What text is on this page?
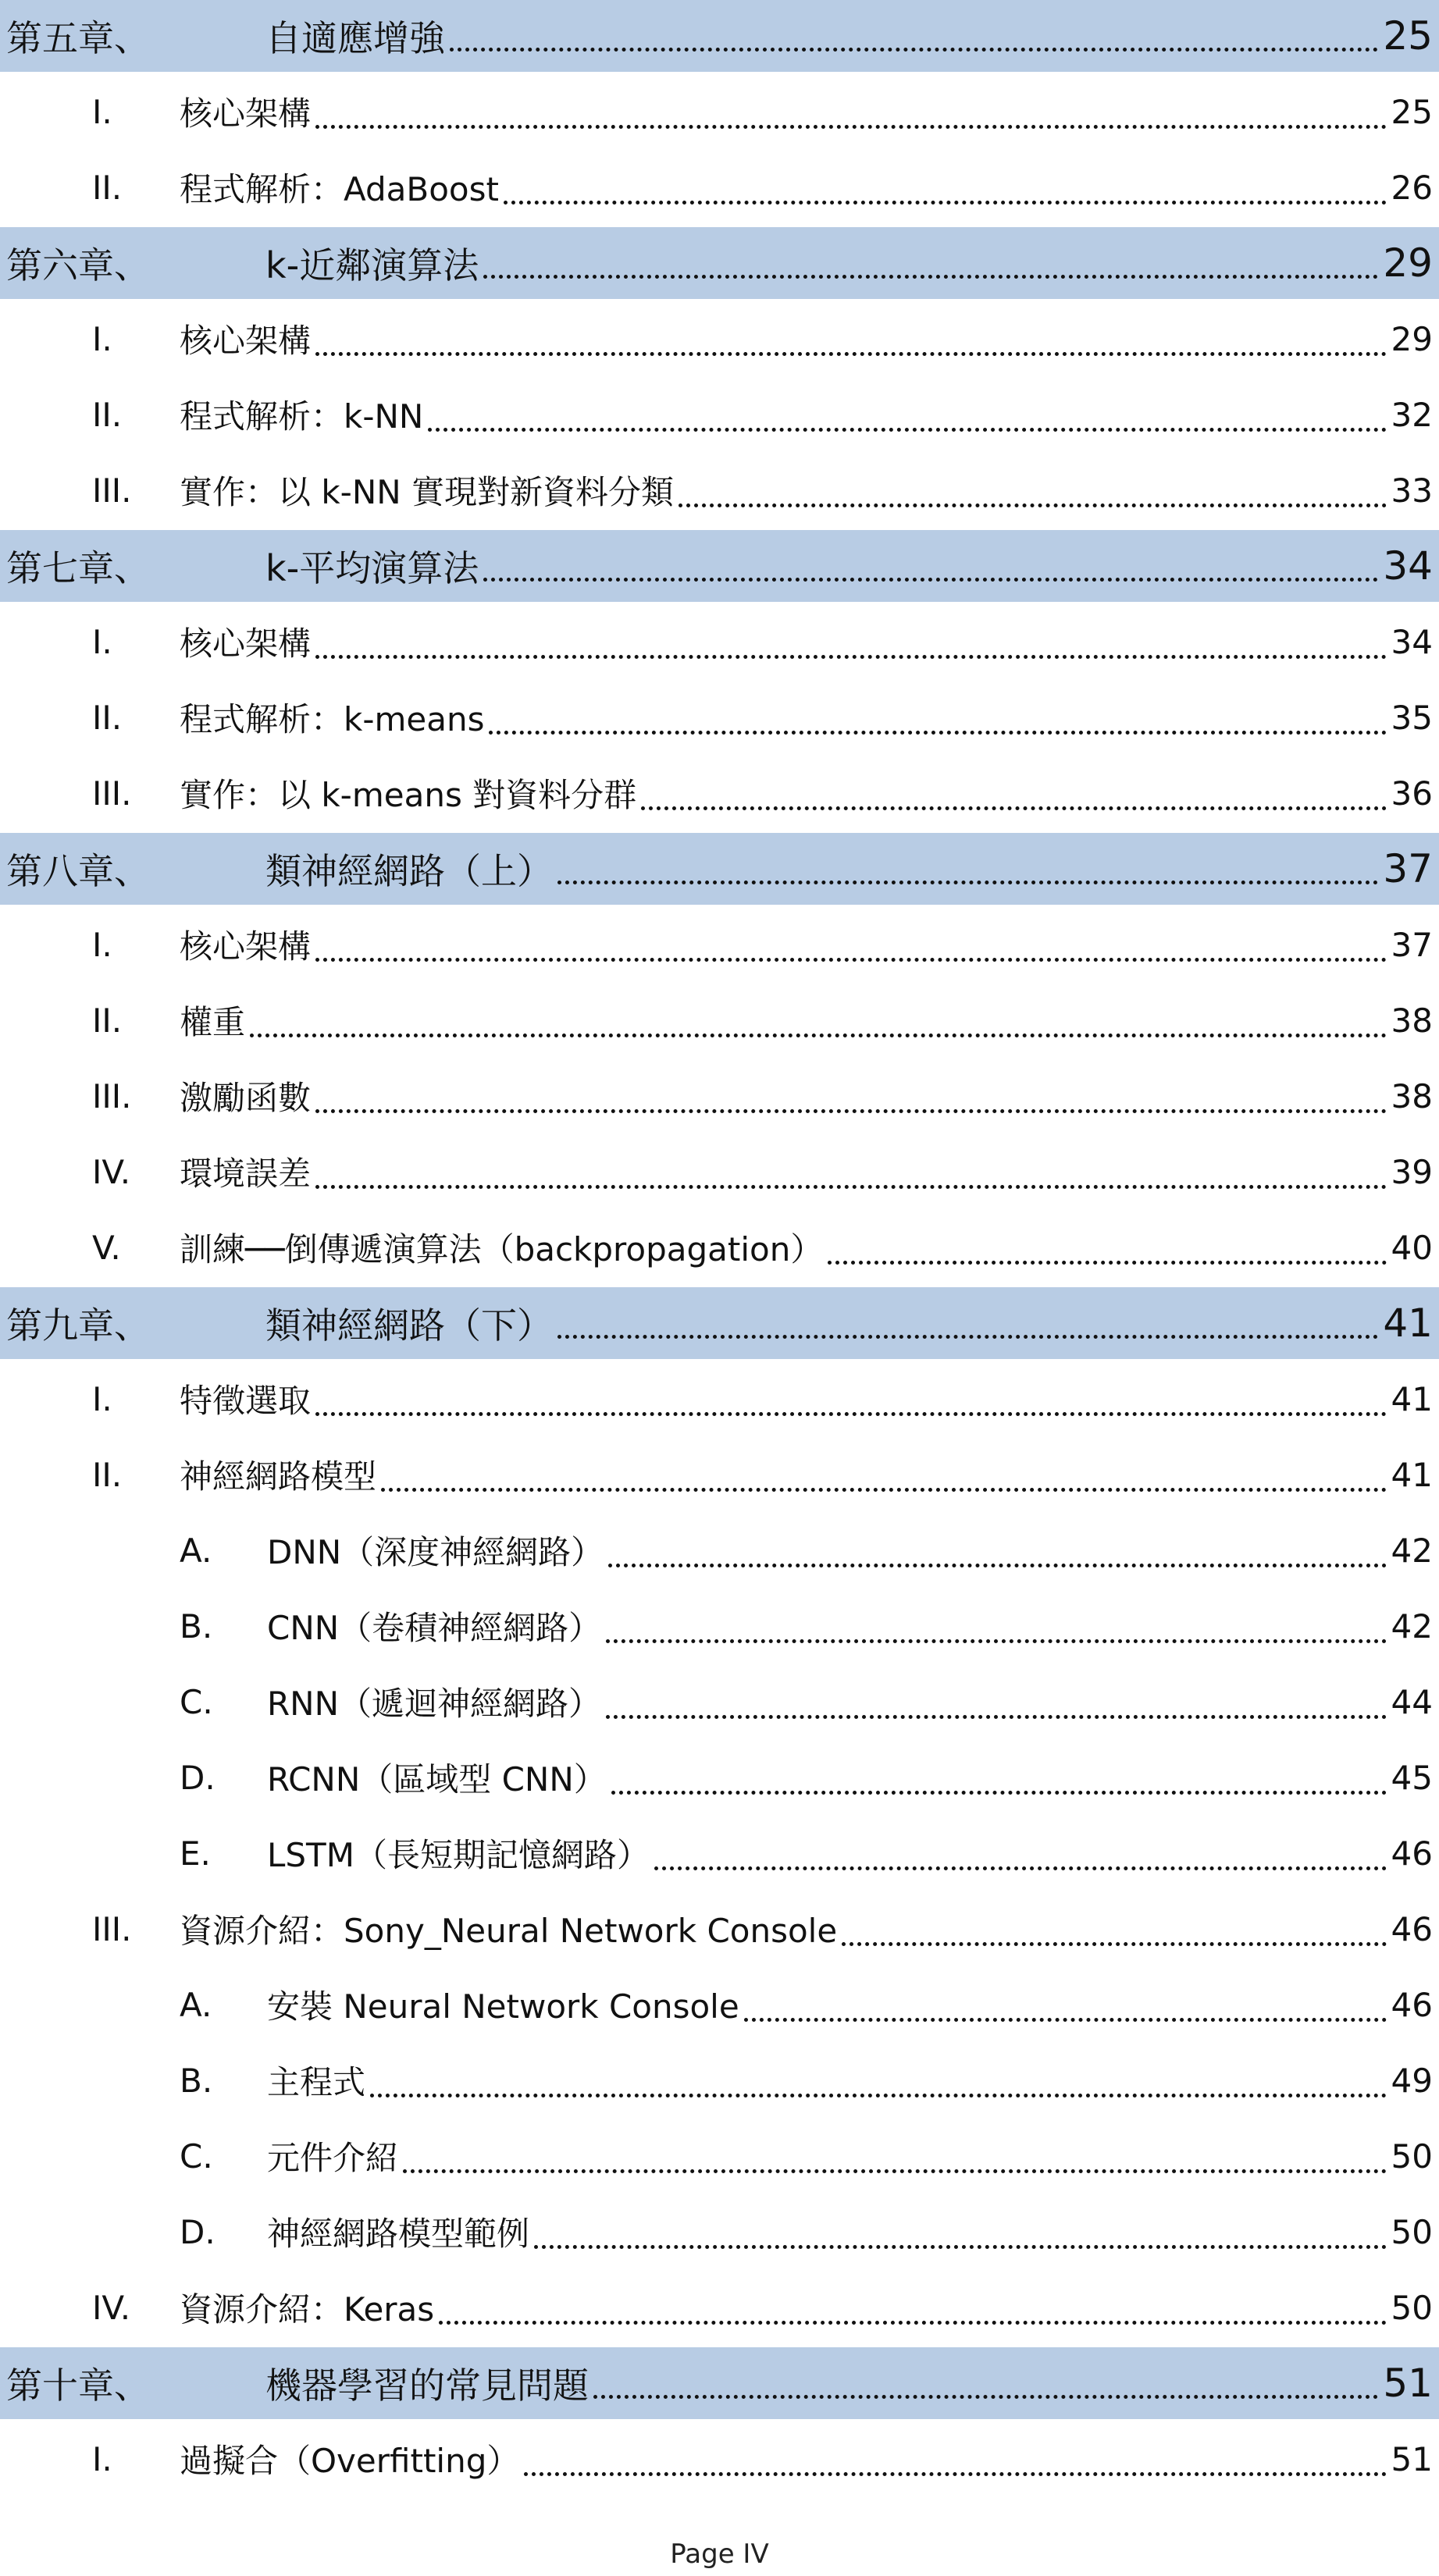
第五章、	自適應增強	25
I.	核心架構	25
II.	程式解析：AdaBoost	26
第六章、	k-近鄰演算法	29
I.	核心架構	29
II.	程式解析：k-NN	32
III.	實作：以 k-NN 實現對新資料分類	33
第七章、	k-平均演算法	34
I.	核心架構	34
II.	程式解析：k-means	35
III.	實作：以 k-means 對資料分群	36
第八章、	類神經網路（上）	37
I.	核心架構	37
II.	權重	38
III.	激勵函數	38
IV.	環境誤差	39
V.	訓練──倒傳遞演算法（backpropagation）	40
第九章、	類神經網路（下）	41
I.	特徵選取	41
II.	神經網路模型	41
A.	DNN（深度神經網路）	42
B.	CNN（卷積神經網路）	42
C.	RNN（遞迴神經網路）	44
D.	RCNN（區域型 CNN）	45
E.	LSTM（長短期記憶網路）	46
III.	資源介紹：Sony_Neural Network Console	46
A.	安裝 Neural Network Console	46
B.	主程式	49
C.	元件介紹	50
D.	神經網路模型範例	50
IV.	資源介紹：Keras	50
第十章、	機器學習的常見問題	51
I.	過擬合（Overfitting）	51
Page IV
